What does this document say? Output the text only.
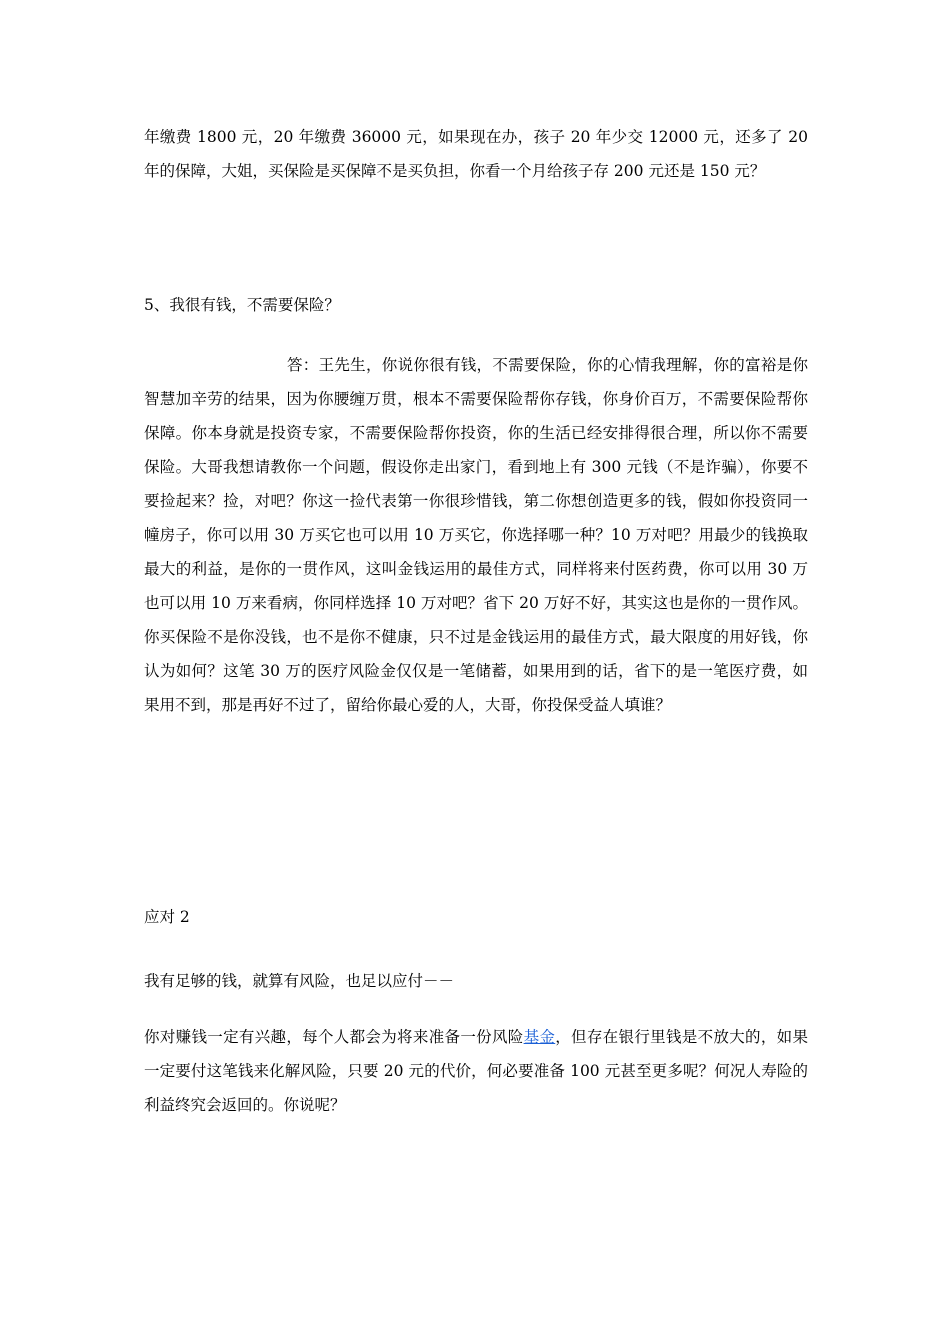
年缴费 1800 元，20 年缴费 36000 元，如果现在办，孩子 20 年少交 12000 元，还多了 20 年的保障，大姐，买保险是买保障不是买负担，你看一个月给孩子存 200 元还是 150 元？

5、我很有钱，不需要保险？

答：王先生，你说你很有钱，不需要保险，你的心情我理解，你的富裕是你智慧加辛劳的结果，因为你腰缠万贯，根本不需要保险帮你存钱，你身价百万，不需要保险帮你保障。你本身就是投资专家，不需要保险帮你投资，你的生活已经安排得很合理，所以你不需要保险。大哥我想请教你一个问题，假设你走出家门，看到地上有 300 元钱（不是诈骗），你要不要捡起来？捡，对吧？你这一捡代表第一你很珍惜钱，第二你想创造更多的钱，假如你投资同一幢房子，你可以用 30 万买它也可以用 10 万买它，你选择哪一种？10 万对吧？用最少的钱换取最大的利益，是你的一贯作风，这叫金钱运用的最佳方式，同样将来付医药费，你可以用 30 万也可以用 10 万来看病，你同样选择 10 万对吧？省下 20 万好不好，其实这也是你的一贯作风。你买保险不是你没钱，也不是你不健康，只不过是金钱运用的最佳方式，最大限度的用好钱，你认为如何？这笔 30 万的医疗风险金仅仅是一笔储蓄，如果用到的话，省下的是一笔医疗费，如果用不到，那是再好不过了，留给你最心爱的人，大哥，你投保受益人填谁？

应对 2

我有足够的钱，就算有风险，也足以应付－－

你对赚钱一定有兴趣，每个人都会为将来准备一份风险基金，但存在银行里钱是不放大的，如果一定要付这笔钱来化解风险，只要 20 元的代价，何必要准备 100 元甚至更多呢？何况人寿险的利益终究会返回的。你说呢？
